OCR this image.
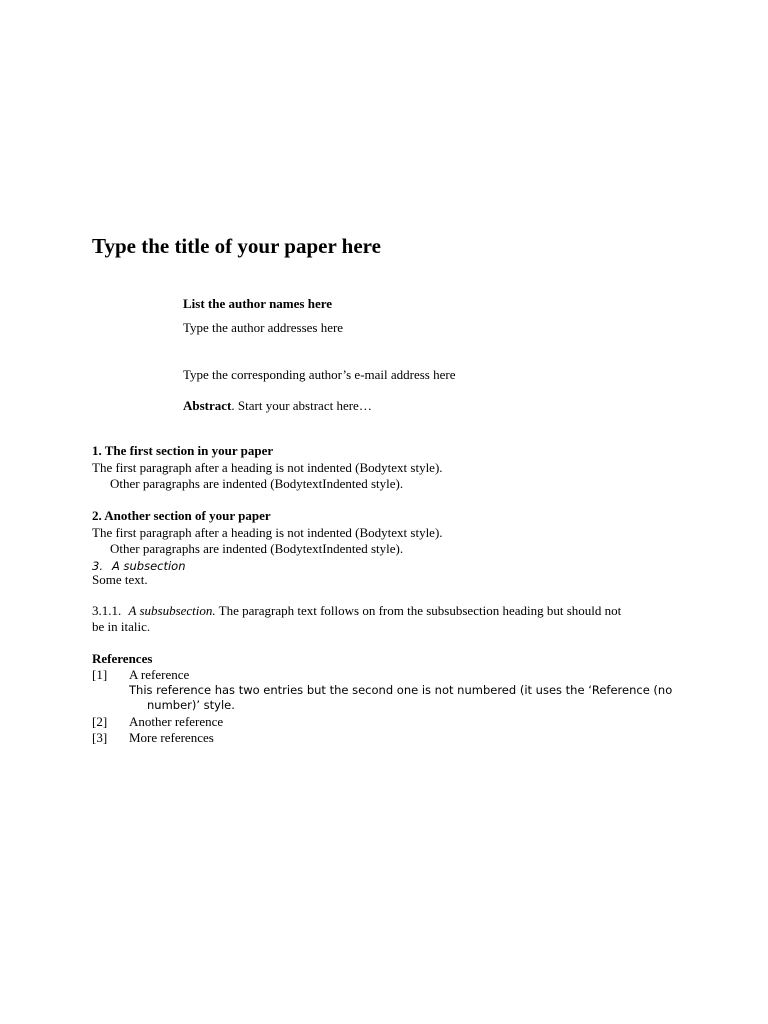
Type the title of your paper here
List the author names here
Type the author addresses here
Type the corresponding author’s e-mail address here
Abstract. Start your abstract here…
1. The first section in your paper
The first paragraph after a heading is not indented (Bodytext style).
Other paragraphs are indented (BodytextIndented style).
2. Another section of your paper
The first paragraph after a heading is not indented (Bodytext style).
Other paragraphs are indented (BodytextIndented style).
3. A subsection
Some text.
3.1.1. A subsubsection. The paragraph text follows on from the subsubsection heading but should not
be in italic.
References
[1] A reference
This reference has two entries but the second one is not numbered (it uses the ‘Reference (no
number)’ style.
[2] Another reference
[3] More references
